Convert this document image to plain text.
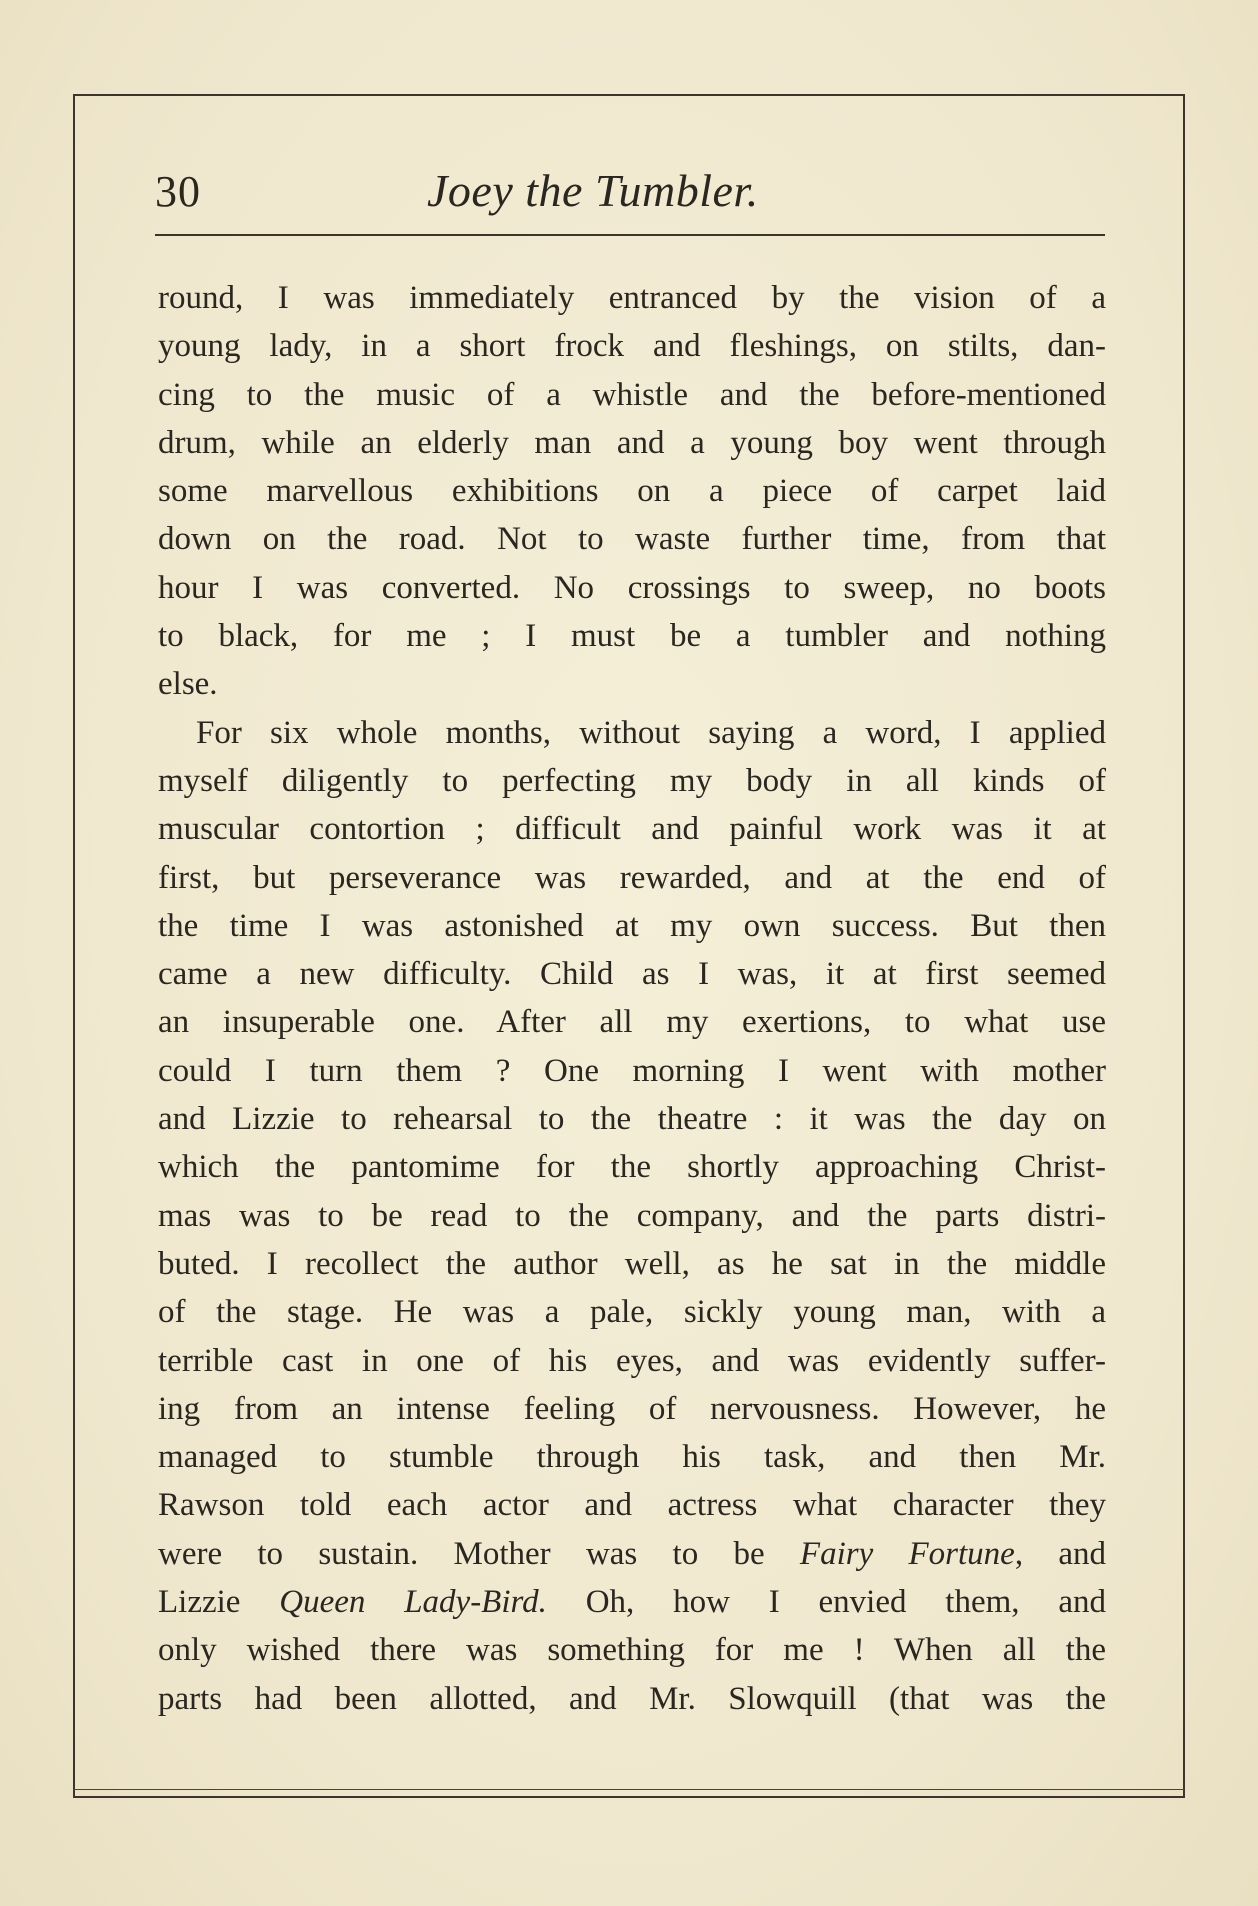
30	Joey the Tumbler.
round, I was immediately entranced by the vision of a
young lady, in a short frock and fleshings, on stilts, dan-
cing to the music of a whistle and the before-mentioned
drum, while an elderly man and a young boy went through
some marvellous exhibitions on a piece of carpet laid
down on the road. Not to waste further time, from that
hour I was converted. No crossings to sweep, no boots
to black, for me ; I must be a tumbler and nothing
else.
For six whole months, without saying a word, I applied
myself diligently to perfecting my body in all kinds of
muscular contortion ; difficult and painful work was it at
first, but perseverance was rewarded, and at the end of
the time I was astonished at my own success. But then
came a new difficulty. Child as I was, it at first seemed
an insuperable one. After all my exertions, to what use
could I turn them ? One morning I went with mother
and Lizzie to rehearsal to the theatre : it was the day on
which the pantomime for the shortly approaching Christ-
mas was to be read to the company, and the parts distri-
buted. I recollect the author well, as he sat in the middle
of the stage. He was a pale, sickly young man, with a
terrible cast in one of his eyes, and was evidently suffer-
ing from an intense feeling of nervousness. However, he
managed to stumble through his task, and then Mr.
Rawson told each actor and actress what character they
were to sustain. Mother was to be Fairy Fortune, and
Lizzie Queen Lady-Bird. Oh, how I envied them, and
only wished there was something for me ! When all the
parts had been allotted, and Mr. Slowquill (that was the
